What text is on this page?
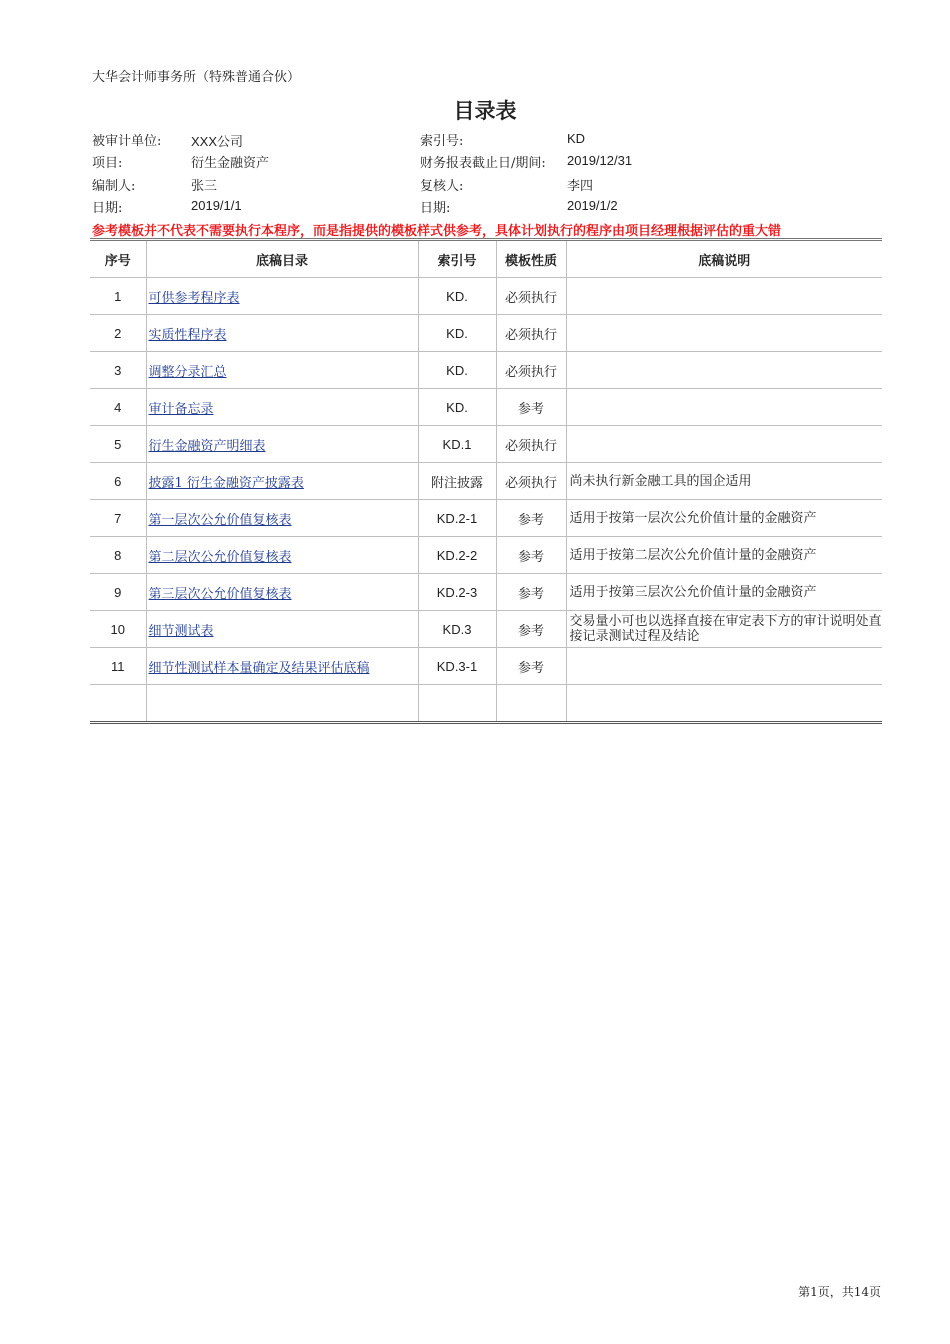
大华会计师事务所（特殊普通合伙）
目录表
被审计单位: XXX公司	索引号:	KD
项目:	衍生金融资产	财务报表截止日/期间: 2019/12/31
编制人:	张三	复核人:	李四
日期:	2019/1/1	日期:	2019/1/2
参考模板并不代表不需要执行本程序，而是指提供的模板样式供参考，具体计划执行的程序由项目经理根据评估的重大错
序号	底稿目录	索引号	模板性质	底稿说明
1	可供参考程序表	KD.	必须执行	
2	实质性程序表	KD.	必须执行	
3	调整分录汇总	KD.	必须执行	
4	审计备忘录	KD.	参考	
5	衍生金融资产明细表	KD.1	必须执行	
6	披露1 衍生金融资产披露表	附注披露	必须执行	尚未执行新金融工具的国企适用
7	第一层次公允价值复核表	KD.2-1	参考	适用于按第一层次公允价值计量的金融资产
8	第二层次公允价值复核表	KD.2-2	参考	适用于按第二层次公允价值计量的金融资产
9	第三层次公允价值复核表	KD.2-3	参考	适用于按第三层次公允价值计量的金融资产
10	细节测试表	KD.3	参考	交易量小可也以选择直接在审定表下方的审计说明处直接记录测试过程及结论
11	细节性测试样本量确定及结果评估底稿	KD.3-1	参考	

第1页，共14页
